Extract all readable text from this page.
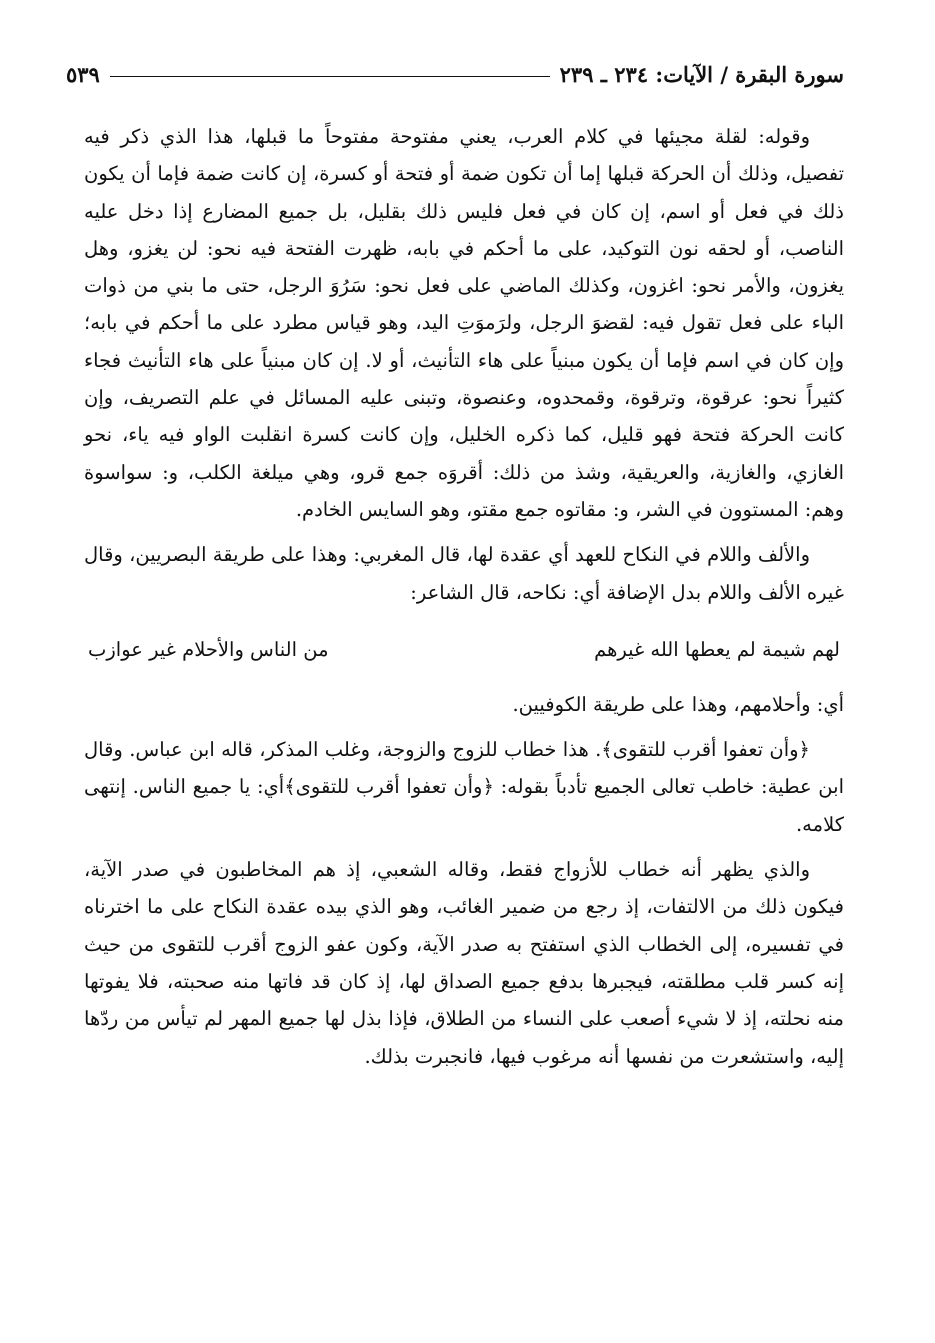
سورة البقرة / الآيات: ٢٣٤ ـ ٢٣٩
٥٣٩

وقوله: لقلة مجيئها في كلام العرب، يعني مفتوحة مفتوحاً ما قبلها، هذا الذي ذكر فيه تفصيل، وذلك أن الحركة قبلها إما أن تكون ضمة أو فتحة أو كسرة، إن كانت ضمة فإما أن يكون ذلك في فعل أو اسم، إن كان في فعل فليس ذلك بقليل، بل جميع المضارع إذا دخل عليه الناصب، أو لحقه نون التوكيد، على ما أحكم في بابه، ظهرت الفتحة فيه نحو: لن يغزو، وهل يغزون، والأمر نحو: اغزون، وكذلك الماضي على فعل نحو: سَرُوَ الرجل، حتى ما بني من ذوات الباء على فعل تقول فيه: لقضوَ الرجل، ولرَموَتِ اليد، وهو قياس مطرد على ما أحكم في بابه؛ وإن كان في اسم فإما أن يكون مبنياً على هاء التأنيث، أو لا. إن كان مبنياً على هاء التأنيث فجاء كثيراً نحو: عرقوة، وترقوة، وقمحدوه، وعنصوة، وتبنى عليه المسائل في علم التصريف، وإن كانت الحركة فتحة فهو قليل، كما ذكره الخليل، وإن كانت كسرة انقلبت الواو فيه ياء، نحو الغازي، والغازية، والعريقية، وشذ من ذلك: أقروَه جمع قرو، وهي ميلغة الكلب، و: سواسوة وهم: المستوون في الشر، و: مقاتوه جمع مقتو، وهو السايس الخادم.

والألف واللام في النكاح للعهد أي عقدة لها، قال المغربي: وهذا على طريقة البصريين، وقال غيره الألف واللام بدل الإضافة أي: نكاحه، قال الشاعر:

لهم شيمة لم يعطها الله غيرهم
من الناس والأحلام غير عوازب

أي: وأحلامهم، وهذا على طريقة الكوفيين.

﴿وأن تعفوا أقرب للتقوى﴾. هذا خطاب للزوج والزوجة، وغلب المذكر، قاله ابن عباس. وقال ابن عطية: خاطب تعالى الجميع تأدباً بقوله: ﴿وأن تعفوا أقرب للتقوى﴾أي: يا جميع الناس. إنتهى كلامه.

والذي يظهر أنه خطاب للأزواج فقط، وقاله الشعبي، إذ هم المخاطبون في صدر الآية، فيكون ذلك من الالتفات، إذ رجع من ضمير الغائب، وهو الذي بيده عقدة النكاح على ما اخترناه في تفسيره، إلى الخطاب الذي استفتح به صدر الآية، وكون عفو الزوج أقرب للتقوى من حيث إنه كسر قلب مطلقته، فيجبرها بدفع جميع الصداق لها، إذ كان قد فاتها منه صحبته، فلا يفوتها منه نحلته، إذ لا شيء أصعب على النساء من الطلاق، فإذا بذل لها جميع المهر لم تيأس من ردّها إليه، واستشعرت من نفسها أنه مرغوب فيها، فانجبرت بذلك.
